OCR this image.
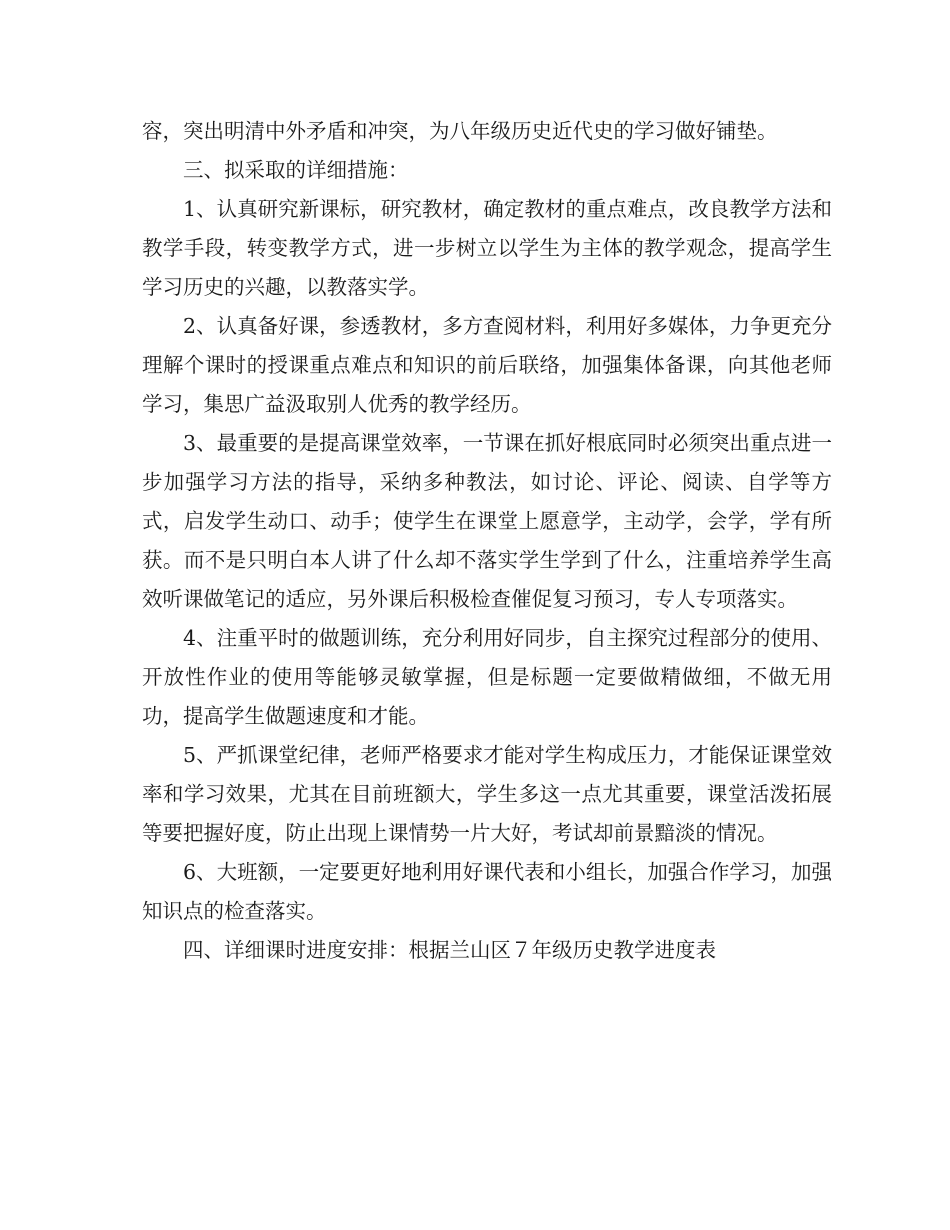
容，突出明清中外矛盾和冲突，为八年级历史近代史的学习做好铺垫。

三、拟采取的详细措施：

1、认真研究新课标，研究教材，确定教材的重点难点，改良教学方法和教学手段，转变教学方式，进一步树立以学生为主体的教学观念，提高学生学习历史的兴趣，以教落实学。

2、认真备好课，参透教材，多方查阅材料，利用好多媒体，力争更充分理解个课时的授课重点难点和知识的前后联络，加强集体备课，向其他老师学习，集思广益汲取别人优秀的教学经历。

3、最重要的是提高课堂效率，一节课在抓好根底同时必须突出重点进一步加强学习方法的指导，采纳多种教法，如讨论、评论、阅读、自学等方式，启发学生动口、动手；使学生在课堂上愿意学，主动学，会学，学有所获。而不是只明白本人讲了什么却不落实学生学到了什么，注重培养学生高效听课做笔记的适应，另外课后积极检查催促复习预习，专人专项落实。

4、注重平时的做题训练，充分利用好同步，自主探究过程部分的使用、开放性作业的使用等能够灵敏掌握，但是标题一定要做精做细，不做无用功，提高学生做题速度和才能。

5、严抓课堂纪律，老师严格要求才能对学生构成压力，才能保证课堂效率和学习效果，尤其在目前班额大，学生多这一点尤其重要，课堂活泼拓展等要把握好度，防止出现上课情势一片大好，考试却前景黯淡的情况。

6、大班额，一定要更好地利用好课代表和小组长，加强合作学习，加强知识点的检查落实。

四、详细课时进度安排：根据兰山区７年级历史教学进度表
